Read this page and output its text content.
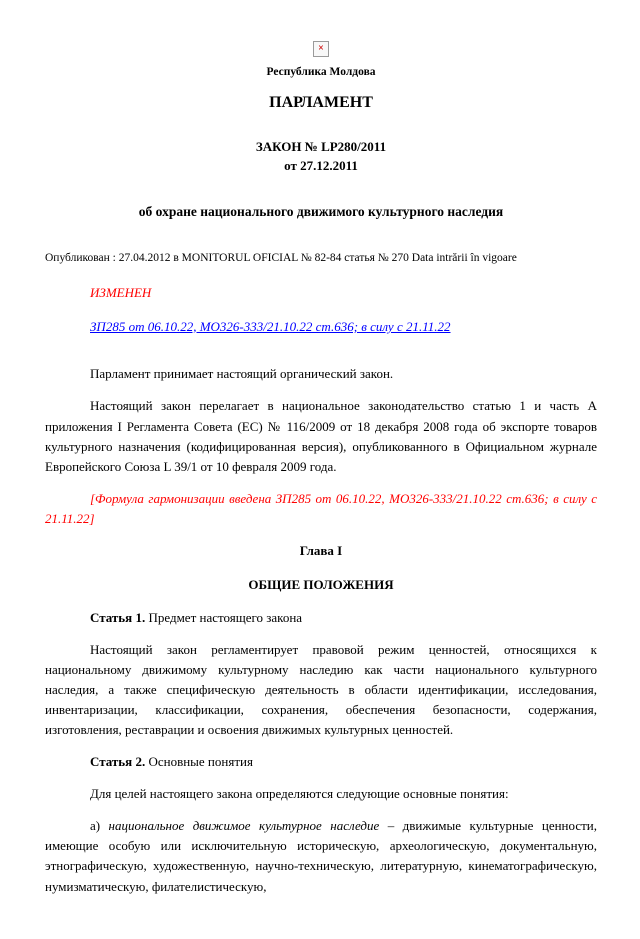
×

Республика Молдова

ПАРЛАМЕНТ

ЗАКОН № LP280/2011

от 27.12.2011

об охране национального движимого культурного наследия

Опубликован : 27.04.2012 в MONITORUL OFICIAL № 82-84 статья № 270 Data intrării în vigoare

ИЗМЕНЕН

ЗП285 от 06.10.22, MO326-333/21.10.22 ст.636; в силу с 21.11.22

Парламент принимает настоящий органический закон.

Настоящий закон перелагает в национальное законодательство статью 1 и часть А приложения I Регламента Совета (ЕС) № 116/2009 от 18 декабря 2008 года об экспорте товаров культурного назначения (кодифицированная версия), опубликованного в Официальном журнале Европейского Союза L 39/1 от 10 февраля 2009 года.

[Формула гармонизации введена ЗП285 от 06.10.22, MO326-333/21.10.22 ст.636; в силу с 21.11.22]

Глава I

ОБЩИЕ ПОЛОЖЕНИЯ

Статья 1. Предмет настоящего закона

Настоящий закон регламентирует правовой режим ценностей, относящихся к национальному движимому культурному наследию как части национального культурного наследия, а также специфическую деятельность в области идентификации, исследования, инвентаризации, классификации, сохранения, обеспечения безопасности, содержания, изготовления, реставрации и освоения движимых культурных ценностей.

Статья 2. Основные понятия

Для целей настоящего закона определяются следующие основные понятия:

а) национальное движимое культурное наследие – движимые культурные ценности, имеющие особую или исключительную историческую, археологическую, документальную, этнографическую, художественную, научно-техническую, литературную, кинематографическую, нумизматическую, филателистическую,
